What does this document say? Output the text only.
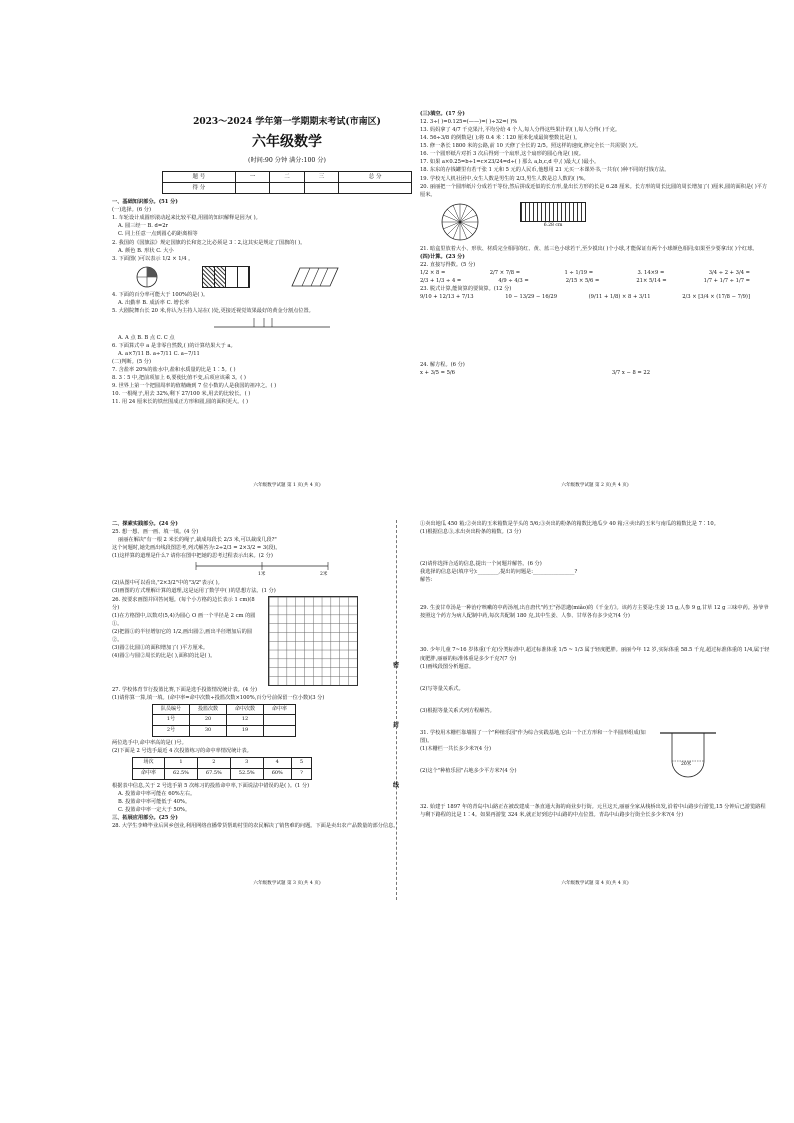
密
封
线
2023～2024 学年第一学期期末考试(市南区)
六年级数学
(时间:90 分钟 满分:100 分)
题 号	一	二	三	总 分
得 分				
一、基础知识部分。(51 分)
(一)选择。(6 分)
1. 车轮设计成圆形滚动起来比较平稳,用圆的知识解释是因为( )。
A. 圆三经一 B. d=2r
C. 同上任意一点到圆心的距离相等
2. 我国的《国旗法》规定国旗的长和宽之比必须是 3∶2,这其实是规定了国旗的( )。
A. 颜色 B. 形状 C. 大小
3. 下面图( )可以表示 1/2 × 1/4 。
4. 下面的百分率可能大于 100%的是( )。
A. 出勤率 B. 成活率 C. 增长率
5. 大剧院舞台长 20 米,你认为主持人站在( )处,更接近视觉效果最好的黄金分割点位置。
A. A 点 B. B 点 C. C 点
6. 下面算式中 a 是非零自然数,( )的计算结果大于 a。
A. a×7/11 B. a÷7/11 C. a−7/11
(二)判断。(5 分)
7. 含盐率 20%的盐水中,盐和水质量的比是 1∶5。( )
8. 3∶5 中,把前项加上 6,要使比值不变,后项应该乘 3。( )
9. 世界上第一个把圆周率的值精确到 7 位小数的人是我国的祖冲之。( )
10. 一根绳子,用去 32%,剩下 27/100 米,用去的比较长。( )
11. 用 24 厘米长的铁丝围成正方形和圆,圆的面积更大。( )
六年级数学试题 第 1 页(共 4 页)
(三)填空。(17 分)
12. 3÷( )=0.125=(——)=( )÷32=( )%
13. 妈妈拿了 4/7 千克果汁,平均分给 4 个人,每人分得这些果汁的( ),每人分得( )千克。
14. 56÷3/8 的倒数是( );将 0.4 米∶120 厘米化成最简整数比是( )。
15. 修一条长 1800 米的公路,前 10 天修了全长的 2/5。照这样的速度,修完全长一共需要( )天。
16. 一个圆形纸片对折 3 次后得到一个扇形,这个扇形的圆心角是( )度。
17. 如果 a×0.25=b÷1=c×23/24=d÷( ) 那么 a,b,c,d 中,( )最大,( )最小。
18. 东东的存钱罐里有若干张 1 元和 5 元的人民币,他想用 21 元买一本课外书,一共有( )种不同的付钱方法。
19. 学校无人机社团中,女生人数是男生的 2/3,男生人数是总人数的( )%。
20. 丽丽把一个圆形纸片分成若干等份,然后拼成近似的长方形,量出长方形的长是 6.28 厘米。长方形的周长比圆的周长增加了( )厘米,圆的面积是( )平方厘米。
6.28 cm
21. 暗盒里放着大小、形状、材质完全相同的红、黄、蓝三色小球若干,至少摸出( )个小球,才能保证有两个小球颜色相同;如果至少要拿出( )个红球。
(四)计算。(23 分)
22. 直接写得数。(5 分)
1/2 × 8 =	2/7 × 7/8 =	1 ÷ 1/19 =	3. 14×9 =	3/4 ÷ 2 + 3/4 =
2/3 + 1/3 ÷ 4 =	4/9 ÷ 4/3 =	2/15 × 5/6 =	21× 5/14 =	1/7 + 1/7 ÷ 1/7 =
23. 脱式计算,能简算的要简算。(12 分)
9/10 + 12/13 + 7/13	10 − 13/29 − 16/29	(9/11 + 1/8) × 8 + 3/11	2/3 × [3/4 × (17/8 − 7/9)]
24. 解方程。(6 分)
x + 3/5 = 5/6	3/7 x − 8 = 22
六年级数学试题 第 2 页(共 4 页)
二、探索实践部分。(24 分)
25. 想一想、画一画、填一填。(4 分)
丽丽在解决"有一根 2 米长的绳子,裁成每段长 2/3 米,可以裁成几段?"
这个问题时,她先画出线段图思考,列式解答为:2÷2/3 = 2×3/2 = 3(段)。
(1)这样算的道理是什么? 请你在图中把她的思考过程表示出来。(2 分)
1米	2米
(2)从图中可以看出,"2×3/2"中的"3/2"表示( )。
(3)画图的方式理解计算的道理,这是运用了数学中( )的思想方法。(1 分)
26. 按要求画图并回答问题。(每个小方格的边长表示 1 cm)(8 分)
(1)在方格图中,以数对(5,4)为圆心 O 画一个半径是 2 cm 的圆①。
(2)把圆①的半径增加它的 1/2,画出圆②,画出半径增加后的圆②。
(3)圆②比圆①的面积增加了( )平方厘米。
(4)圆①与圆②周长的比是( ),面积的比是( )。
27. 学校体育节行投篮比赛,下面是选手投篮情况统计表。(4 分)
(1)请你算一算,填一填。(命中率=命中次数÷投篮次数×100%,百分号前保留一位小数)(3 分)
队员编号	投篮次数	命中次数	命中率
1号	20	12	
2号	30	19	
两位选手中,命中率高的是( )号。
(2)下面是 2 号选手最近 4 次投篮练习的命中率情况统计表。
场次	1	2	3	4	5
命中率	62.5%	67.5%	52.5%	60%	?
根据表中信息,关于 2 号选手第 5 次练习的投篮命中率,下面说法中错误的是( )。(1 分)
A. 投篮命中率可能在 60%左右。
B. 投篮命中率可能低于 40%。
C. 投篮命中率一定大于 50%。
三、拓展应用部分。(25 分)
28. 大学生李峰毕业后回乡创业,利用网络直播带货帮助村里的农民解决了销售难的问题。下面是卖出农产品数量的部分信息。
六年级数学试题 第 3 页(共 4 页)
①卖出地瓜 450 箱;②卖出的玉米箱数是芋头的 5/6;③卖出的粉条的箱数比地瓜少 40 箱;④卖出的玉米与南瓜的箱数比是 7∶10。
(1)根据信息③,求出卖出粉条的箱数。(3 分)
(2)请你选择合适的信息,提出一个问题并解答。(6 分)
我选择的信息是(填序号):________,提出的问题是:________________?
解答:
29. 生姜甘草汤是一种治疗咳嗽的中药汤剂,出自唐代"药王"孙思邈(miǎo)的《千金方》。该药方主要是:生姜 15 g,人参 9 g,甘草 12 g 三味中药。孙爷爷按照这个药方为病人配制中药,每次共配制 180 克,其中生姜、人参、甘草各有多少克?(4 分)
30. 少年儿童 7~16 岁体重(千克)分类标准中,超过标准体重 1/5 ~ 1/3 属于轻度肥胖。丽丽今年 12 岁,实际体重 58.5 千克,超过标准体重的 1/4,属于轻度肥胖,丽丽的标准体重是多少千克?(7 分)
(1)画线段图分析题意。
(2)写等量关系式。
(3)根据等量关系式列方程解答。
31. 学校用木栅栏靠墙围了一个"种植乐园"作为综合实践基地,它由一个正方形和一个半圆形组成(如图)。
(1)木栅栏一共长多少米?(4 分)
(2)这个"种植乐园"占地多少平方米?(4 分)
20米
32. 始建于 1897 年的青岛中山路正在被改建成一条直通大海的商业步行街。元旦这天,丽丽全家从栈桥出发,沿着中山路步行游览,15 分钟后已游览路程与剩下路程的比是 1∶4。如果再游览 324 米,就正好到达中山路的中点位置。青岛中山路步行街全长多少米?(4 分)
六年级数学试题 第 4 页(共 4 页)
